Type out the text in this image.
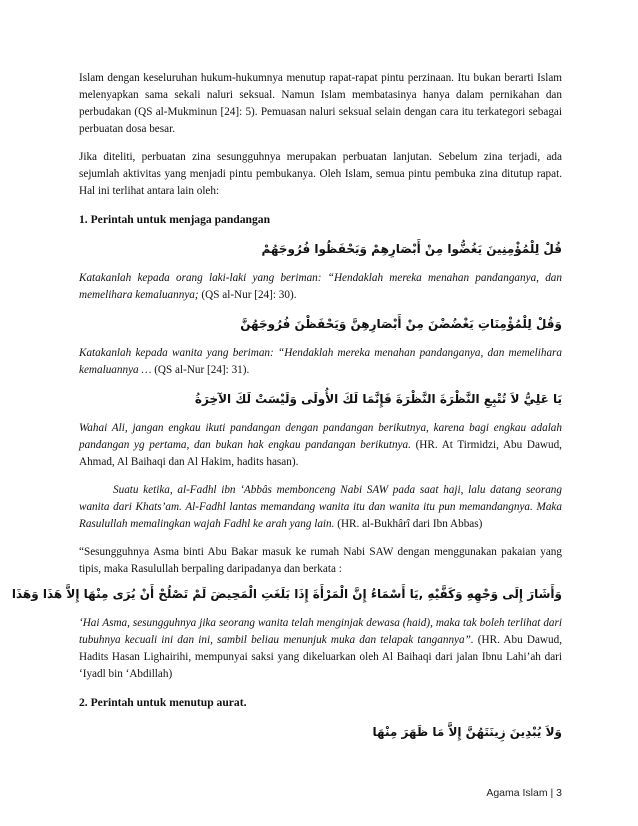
Islam dengan keseluruhan hukum-hukumnya menutup rapat-rapat pintu perzinaan. Itu bukan berarti Islam melenyapkan sama sekali naluri seksual. Namun Islam membatasinya hanya dalam pernikahan dan perbudakan (QS al-Mukminun [24]: 5). Pemuasan naluri seksual selain dengan cara itu terkategori sebagai perbuatan dosa besar.

Jika diteliti, perbuatan zina sesungguhnya merupakan perbuatan lanjutan. Sebelum zina terjadi, ada sejumlah aktivitas yang menjadi pintu pembukanya. Oleh Islam, semua pintu pembuka zina ditutup rapat. Hal ini terlihat antara lain oleh:

1. Perintah untuk menjaga pandangan
قُلْ لِلْمُؤْمِنِينَ يَغُضُّوا مِنْ أَبْصَارِهِمْ وَيَحْفَظُوا فُرُوجَهُمْ

Katakanlah kepada orang laki-laki yang beriman: “Hendaklah mereka menahan pandanganya, dan memelihara kemaluannya; (QS al-Nur [24]: 30).

وَقُلْ لِلْمُؤْمِنَاتِ يَغْضُضْنَ مِنْ أَبْصَارِهِنَّ وَيَحْفَظْنَ فُرُوجَهُنَّ

Katakanlah kepada wanita yang beriman: “Hendaklah mereka menahan pandanganya, dan memelihara kemaluannya … (QS al-Nur [24]: 31).

يَا عَلِيُّ لاَ تُتْبِعِ النَّظْرَةَ النَّظْرَةَ فَإِنَّمَا لَكَ الأُولَى وَلَيْسَتْ لَكَ الآخِرَةُ

Wahai Ali, jangan engkau ikuti pandangan dengan pandangan berikutnya, karena bagi engkau adalah pandangan yg pertama, dan bukan hak engkau pandangan berikutnya. (HR. At Tirmidzi, Abu Dawud, Ahmad, Al Baihaqi dan Al Hakim, hadits hasan).

Suatu ketika, al-Fadhl ibn ‘Abbâs membonceng Nabi SAW pada saat haji, lalu datang seorang wanita dari Khats’am. Al-Fadhl lantas memandang wanita itu dan wanita itu pun memandangnya. Maka Rasulullah memalingkan wajah Fadhl ke arah yang lain. (HR. al-Bukhârî dari Ibn Abbas)

“Sesungguhnya Asma binti Abu Bakar masuk ke rumah Nabi SAW dengan menggunakan pakaian yang tipis, maka Rasulullah berpaling daripadanya dan berkata :

وَأَشَارَ إِلَى وَجْهِهِ وَكَفَّيْهِ ,يَا أَسْمَاءُ إِنَّ الْمَرْأَةَ إِذَا بَلَغَتِ الْمَحِيضَ لَمْ تَصْلُحْ أَنْ يُرَى مِنْهَا إِلاَّ هَذَا وَهَذَا

‘Hai Asma, sesungguhnya jika seorang wanita telah menginjak dewasa (haid), maka tak boleh terlihat dari tubuhnya kecuali ini dan ini, sambil beliau menunjuk muka dan telapak tangannya”. (HR. Abu Dawud, Hadits Hasan Lighairihi, mempunyai saksi yang dikeluarkan oleh Al Baihaqi dari jalan Ibnu Lahi’ah dari ‘Iyadl bin ‘Abdillah)

2. Perintah untuk menutup aurat.
وَلاَ يُبْدِينَ زِينَتَهُنَّ إِلاَّ مَا ظَهَرَ مِنْهَا
Agama Islam | 3
